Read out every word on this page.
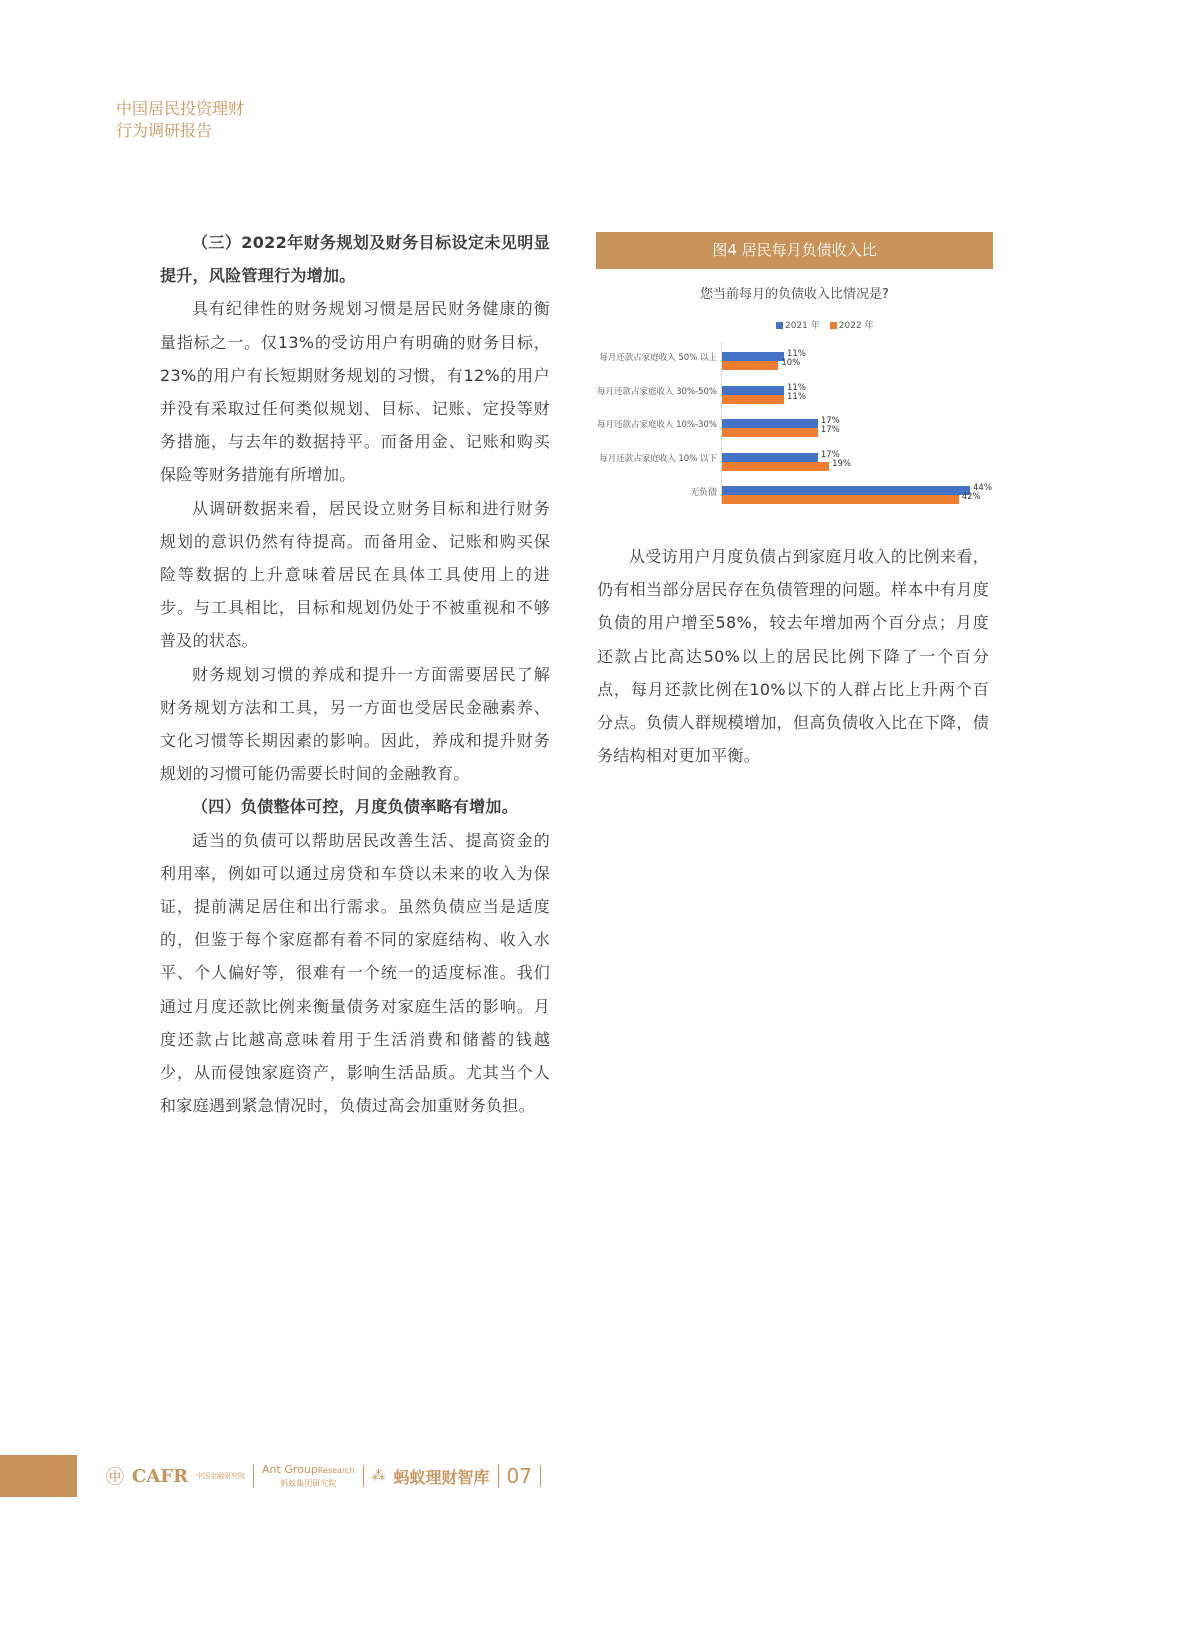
中国居民投资理财
行为调研报告

（三）2022年财务规划及财务目标设定未见明显提升，风险管理行为增加。

具有纪律性的财务规划习惯是居民财务健康的衡量指标之一。仅13%的受访用户有明确的财务目标，23%的用户有长短期财务规划的习惯，有12%的用户并没有采取过任何类似规划、目标、记账、定投等财务措施，与去年的数据持平。而备用金、记账和购买保险等财务措施有所增加。

从调研数据来看，居民设立财务目标和进行财务规划的意识仍然有待提高。而备用金、记账和购买保险等数据的上升意味着居民在具体工具使用上的进步。与工具相比，目标和规划仍处于不被重视和不够普及的状态。

财务规划习惯的养成和提升一方面需要居民了解财务规划方法和工具，另一方面也受居民金融素养、文化习惯等长期因素的影响。因此，养成和提升财务规划的习惯可能仍需要长时间的金融教育。

（四）负债整体可控，月度负债率略有增加。

适当的负债可以帮助居民改善生活、提高资金的利用率，例如可以通过房贷和车贷以未来的收入为保证，提前满足居住和出行需求。虽然负债应当是适度的，但鉴于每个家庭都有着不同的家庭结构、收入水平、个人偏好等，很难有一个统一的适度标准。我们通过月度还款比例来衡量债务对家庭生活的影响。月度还款占比越高意味着用于生活消费和储蓄的钱越少，从而侵蚀家庭资产，影响生活品质。尤其当个人和家庭遇到紧急情况时，负债过高会加重财务负担。

从受访用户月度负债占到家庭月收入的比例来看，仍有相当部分居民存在负债管理的问题。样本中有月度负债的用户增至58%，较去年增加两个百分点；月度还款占比高达50%以上的居民比例下降了一个百分点，每月还款比例在10%以下的人群占比上升两个百分点。负债人群规模增加，但高负债收入比在下降，债务结构相对更加平衡。

图4 居民每月负债收入比
您当前每月的负债收入比情况是?
2021 年 2022 年
每月还款占家庭收入 50% 以上	11%
10%
每月还款占家庭收入 30%-50%	11%
11%
每月还款占家庭收入 10%-30%	17%
17%
每月还款占家庭收入 10% 以下	17%
19%
无负债	44%
42%
㊥ CAFR 中国金融研究院
Ant GroupResearch
蚂蚁集团研究院	⁂ 蚂蚁理财智库 07
